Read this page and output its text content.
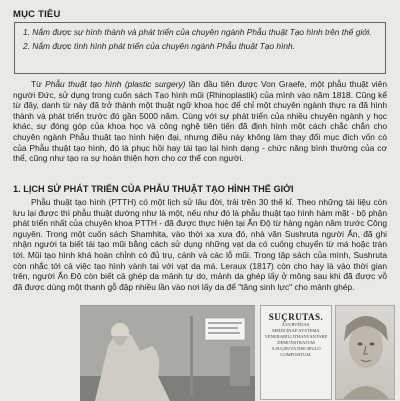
MỤC TIÊU

1. Nắm được sự hình thành và phát triển của chuyên ngành Phẫu thuật Tạo hình trên thế giới.

2. Nắm được tình hình phát triển của chuyên ngành Phẫu thuật Tạo hình.

Từ Phẫu thuật tạo hình (plastic surgery) lần đầu tiên được Von Graefe, một phẫu thuật viên người Đức, sử dụng trong cuốn sách Tạo hình mũi (Rhinoplastik) của mình vào năm 1818. Cũng kể từ đây, danh từ này đã trở thành một thuật ngữ khoa học để chỉ một chuyên ngành thực ra đã hình thành và phát triển trước đó gần 5000 năm. Cùng với sự phát triển của nhiều chuyên ngành y học khác, sự đóng góp của khoa học và công nghệ tiên tiến đã định hình một cách chắc chắn cho chuyên ngành Phẫu thuật tạo hình hiện đại, nhưng điều này không làm thay đổi mục đích vốn có của Phẫu thuật tạo hình, đó là phục hồi hay tái tạo lại hình dạng - chức năng bình thường của cơ thể, cũng như tạo ra sự hoàn thiện hơn cho cơ thể con người.

1. LỊCH SỬ PHÁT TRIỂN CỦA PHẪU THUẬT TẠO HÌNH THẾ GIỚI

Phẫu thuật tạo hình (PTTH) có một lịch sử lâu đời, trải trên 30 thế kỉ. Theo những tài liệu còn lưu lại được thì phẫu thuật dường như là một, nếu như đó là phẫu thuật tạo hình hàm mặt - bộ phận phát triển nhất của chuyên khoa PTTH - đã được thực hiện tại Ấn Độ từ hàng ngàn năm trước Công nguyên. Trong một cuốn sách Shamhita, vào thời xa xưa đó, nhà văn Sushruta người Ấn, đã ghi nhận người ta biết tái tạo mũi bằng cách sử dụng những vạt da có cuống chuyển từ má hoặc trán tới. Mũi tạo hình khá hoàn chỉnh có đủ trụ, cánh và các lỗ mũi. Trong tập sách của mình, Sushruta còn nhắc tới cả việc tạo hình vành tai với vạt da má. Leraux (1817) còn cho hay là vào thời gian trên, người Ấn Độ còn biết cả ghép da mảnh tự do, mảnh da ghép lấy ở mông sau khi đã được vỗ đã được dùng một thanh gỗ đập nhiều lần vào nơi lấy da để "tăng sinh lực" cho mảnh ghép.

SUÇRUTAS.
ÂYURVÉDAS.
MEDICINAE SYSTEMA
VENERABILI D'HANVANTARE
DEMONSTRATUM
A SUÇRUTA DISCIPULO COMPOSITUM.
